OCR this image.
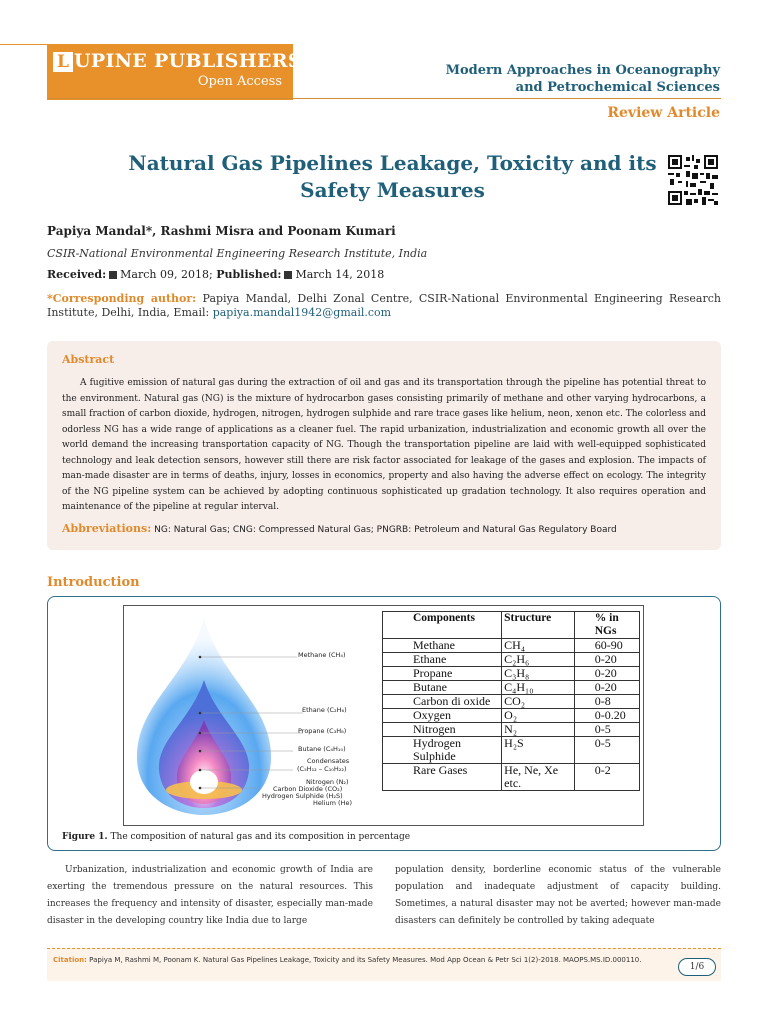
L UPINE PUBLISHERS
Open Access
Modern Approaches in Oceanography
and Petrochemical Sciences
Review Article
Natural Gas Pipelines Leakage, Toxicity and its Safety Measures
Papiya Mandal*, Rashmi Misra and Poonam Kumari
CSIR-National Environmental Engineering Research Institute, India
Received: March 09, 2018; Published: March 14, 2018
*Corresponding author: Papiya Mandal, Delhi Zonal Centre, CSIR-National Environmental Engineering Research Institute, Delhi, India, Email: papiya.mandal1942@gmail.com
Abstract
A fugitive emission of natural gas during the extraction of oil and gas and its transportation through the pipeline has potential threat to the environment. Natural gas (NG) is the mixture of hydrocarbon gases consisting primarily of methane and other varying hydrocarbons, a small fraction of carbon dioxide, hydrogen, nitrogen, hydrogen sulphide and rare trace gases like helium, neon, xenon etc. The colorless and odorless NG has a wide range of applications as a cleaner fuel. The rapid urbanization, industrialization and economic growth all over the world demand the increasing transportation capacity of NG. Though the transportation pipeline are laid with well-equipped sophisticated technology and leak detection sensors, however still there are risk factor associated for leakage of the gases and explosion. The impacts of man-made disaster are in terms of deaths, injury, losses in economics, property and also having the adverse effect on ecology. The integrity of the NG pipeline system can be achieved by adopting continuous sophisticated up gradation technology. It also requires operation and maintenance of the pipeline at regular interval.
Abbreviations: NG: Natural Gas; CNG: Compressed Natural Gas; PNGRB: Petroleum and Natural Gas Regulatory Board
Introduction
Methane (CH₄)
Ethane (C₂H₆)
Propane (C₃H₈)
Butane (C₄H₁₀)
Condensates
(C₅H₁₂ – C₁₀H₂₂)
Nitrogen (N₂)
Carbon Dioxide (CO₂)
Hydrogen Sulphide (H₂S)
Helium (He)
Components	Structure	% in NGs
Methane	CH₄	60-90
Ethane	C₂H₆	0-20
Propane	C₃H₈	0-20
Butane	C₄H₁₀	0-20
Carbon di oxide	CO₂	0-8
Oxygen	O₂	0-0.20
Nitrogen	N₂	0-5
Hydrogen Sulphide	H₂S	0-5
Rare Gases	He, Ne, Xe etc.	0-2
Figure 1. The composition of natural gas and its composition in percentage
Urbanization, industrialization and economic growth of India are exerting the tremendous pressure on the natural resources. This increases the frequency and intensity of disaster, especially man-made disaster in the developing country like India due to large
population density, borderline economic status of the vulnerable population and inadequate adjustment of capacity building. Sometimes, a natural disaster may not be averted; however man-made disasters can definitely be controlled by taking adequate
Citation: Papiya M, Rashmi M, Poonam K. Natural Gas Pipelines Leakage, Toxicity and its Safety Measures. Mod App Ocean & Petr Sci 1(2)-2018. MAOPS.MS.ID.000110.
1/6
